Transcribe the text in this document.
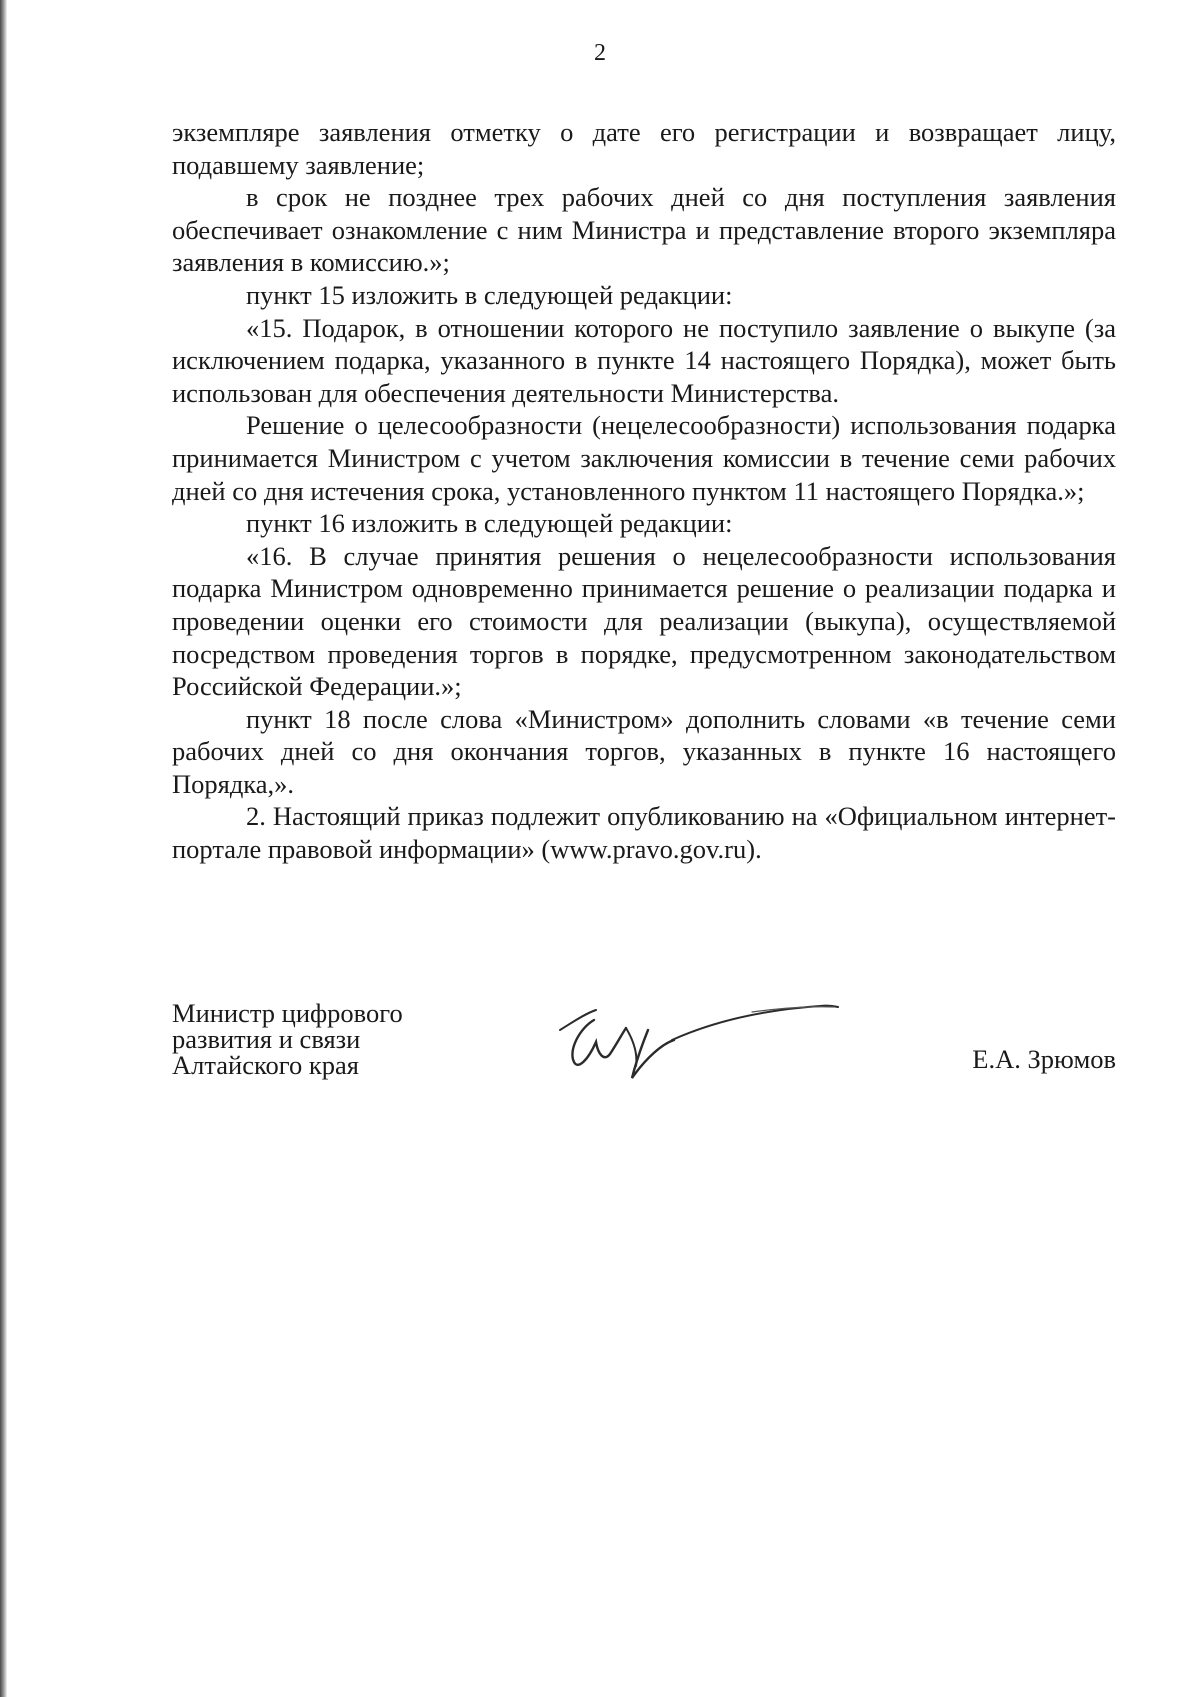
2

экземпляре заявления отметку о дате его регистрации и возвращает лицу, подавшему заявление;

в срок не позднее трех рабочих дней со дня поступления заявления обеспечивает ознакомление с ним Министра и представление второго экземпляра заявления в комиссию.»;

пункт 15 изложить в следующей редакции:

«15. Подарок, в отношении которого не поступило заявление о выкупе (за исключением подарка, указанного в пункте 14 настоящего Порядка), может быть использован для обеспечения деятельности Министерства.

Решение о целесообразности (нецелесообразности) использования подарка принимается Министром с учетом заключения комиссии в течение семи рабочих дней со дня истечения срока, установленного пунктом 11 настоящего Порядка.»;

пункт 16 изложить в следующей редакции:

«16. В случае принятия решения о нецелесообразности использования подарка Министром одновременно принимается решение о реализации подарка и проведении оценки его стоимости для реализации (выкупа), осуществляемой посредством проведения торгов в порядке, предусмотренном законодательством Российской Федерации.»;

пункт 18 после слова «Министром» дополнить словами «в течение семи рабочих дней со дня окончания торгов, указанных в пункте 16 настоящего Порядка,».

2. Настоящий приказ подлежит опубликованию на «Официальном интернет-портале правовой информации» (www.pravo.gov.ru).

Министр цифрового
развития и связи
Алтайского края	Е.А. Зрюмов
